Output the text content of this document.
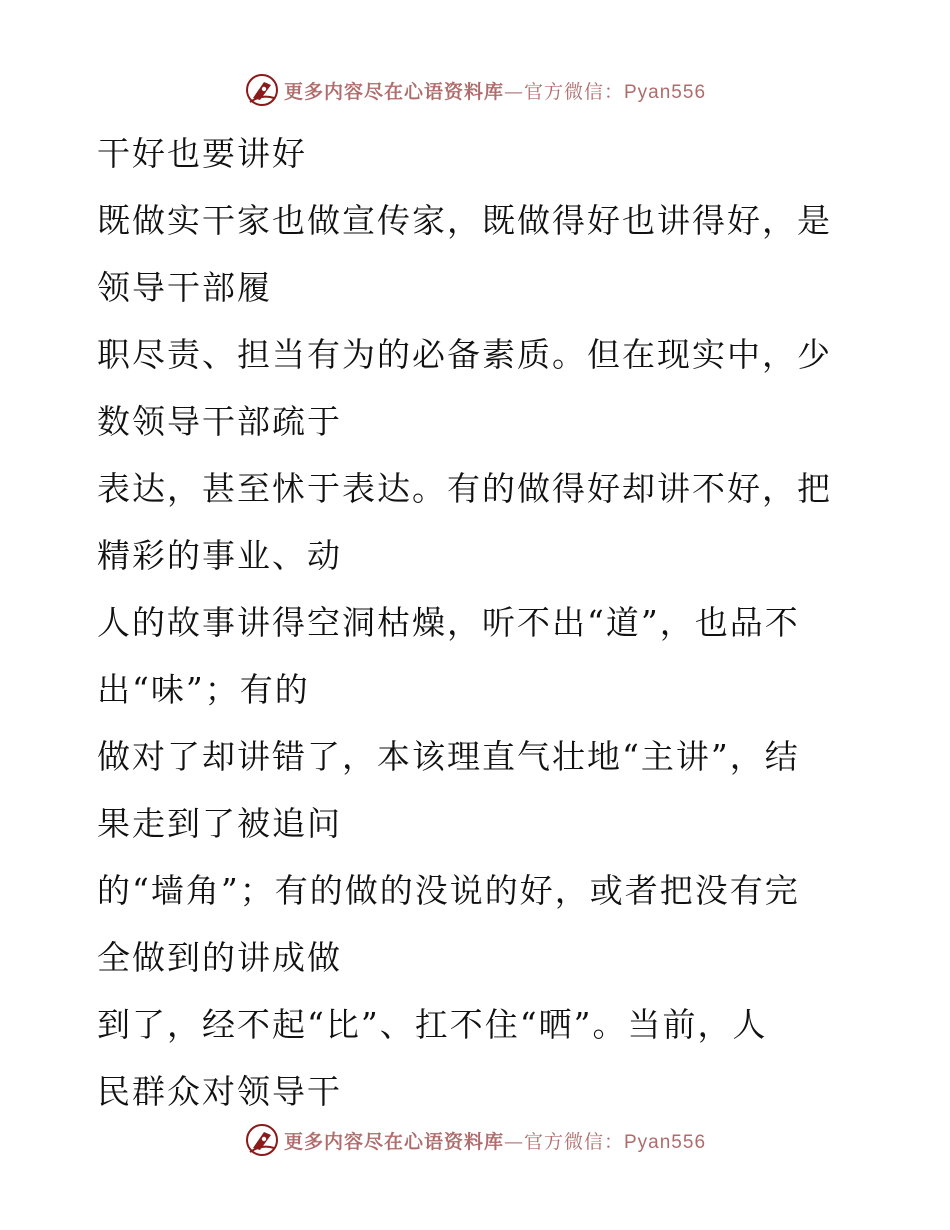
更多内容尽在心语资料库—官方微信：Pyan556
干好也要讲好
既做实干家也做宣传家，既做得好也讲得好，是
领导干部履
职尽责、担当有为的必备素质。但在现实中，少
数领导干部疏于
表达，甚至怵于表达。有的做得好却讲不好，把
精彩的事业、动
人的故事讲得空洞枯燥，听不出“道”，也品不
出“味”；有的
做对了却讲错了，本该理直气壮地“主讲”，结
果走到了被追问
的“墙角”；有的做的没说的好，或者把没有完
全做到的讲成做
到了，经不起“比”、扛不住“晒”。当前，人
民群众对领导干
更多内容尽在心语资料库—官方微信：Pyan556
